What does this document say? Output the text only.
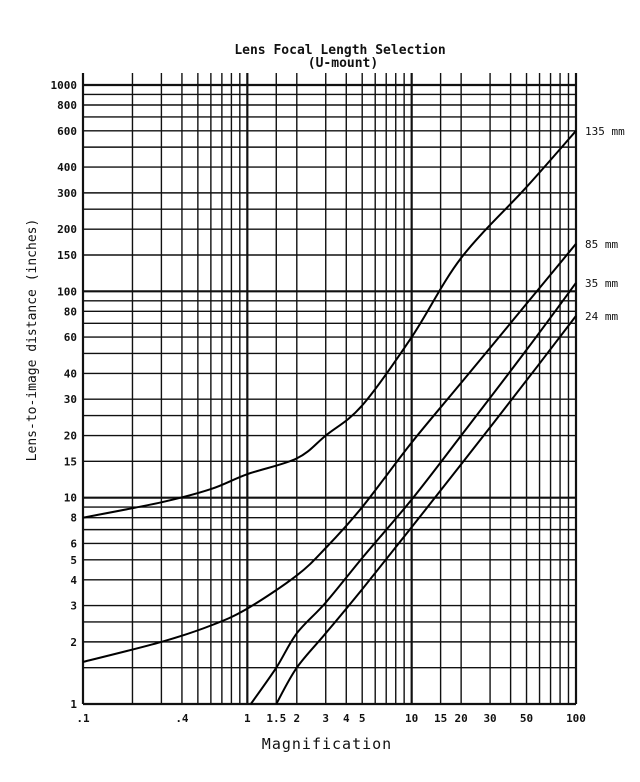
Lens Focal Length Selection
(U-mount)
.1	.4	1 1.5 2 3 4 5	10 15 20 30 50	100
1
2
3
4
5
6
8
10
15
20
30
40
60
80
100
150
200
300
400
600
800
1000
135 mm
85 mm
35 mm
24 mm
Magnification
Lens-to-image distance (inches)
